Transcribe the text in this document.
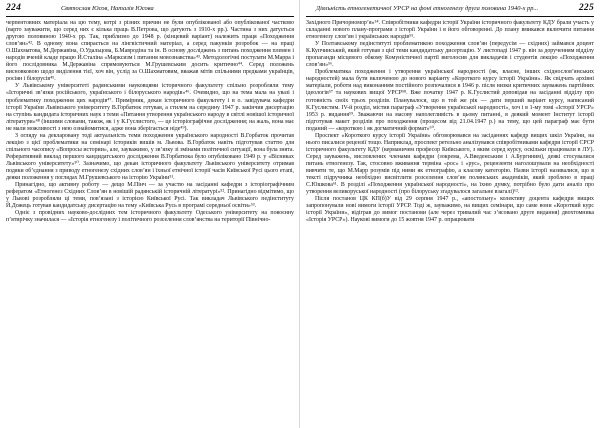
224	Святослав Юсов, Наталія Юсова

черпентовних матеріала на цю тему, котрі з різних причин не були опублікованої або опублікованої частково (варто зауважити, що серед них є кілька праць В.Петрова, що датують з 1910-х рр.). Частина з них датується другою половиною 1940-х рр. Так, приблизно до 1948 р. (кінцевий варіант) належить праця «Походження слов’ян»⁴². В одному вона спирається на лінгвістичний матеріал, а серед пакунків розробок — на праці О.Шахматова, М.Державіна, О.Удальцова, Б.Мавродіна та ін. В основу досліджень з питань походження племен і народів вченій кладе працю Й.Сталіна «Марксизм і питання мовознавства»⁴³. Методологічні постулати М.Марра і його послідовника М.Державіна спрямовуються М.Грушевським досить критично⁴⁴. Серед положень висновковою щодо виділення тієї, хоч він, услід за О.Шахматовим, вважав мітів спільними предками українців, росіян і білорусів⁴⁵.

У Львівському університеті радянськими науковцями історичного факультету спільно розробляли тему «Історичні зв’язки російського, українського і білоруського народів»⁴⁶. Очевидно, що на тема мала на увазі і проблематику походження цих народів⁴⁷. Примірник, декан історичного факультету і в о. завідувача кафедри історії України Львівського університету В.Горбатюк готував, а стилем на середину 1947 р. закінчив дисертацію на ступінь кандидата історичних наук з теми «Питання утворення українського народу в світлі новішої історичної літератури»⁴⁸ (іншими словами, також, як і у К.Гуслистого, — це історіографічне дослідження; на жаль, вона має не мали можливості з нею ознайомитися, адже вона зберігається ніде⁴⁹).

З огляду на декларовану тоді актуальність теми походження українського народності В.Горбаток прочитав лекцію з цієї проблематики на семінарі істориків вишів м. Львова. В.Горбаток навіть підготував статтю для спільного часопису «Вопросы истории», але, зауважимо, у зв’язку зі змінами політичної ситуації, вона була знята. Реферативний виклад першого кандидатського дослідження В.Горбатюка було опубліковано 1949 р. у «Вісниках Львівського університету»⁵⁰. Зазначимо, що декан історичного факультету Львівського університету отримав подяки об’єднання з приводу етногенезу східних слов’ян і їхньої етнічної історії часів Київської Русі цього етапі, деяки положення у поглядах М.Грушевського на історію України⁵¹.

Принагідно, що активну роботу — дещо М.Пінч — за участю на засіданні кафедри з історіографічним рефератом «Етногенез Східних Слов’ян в новішій радянській історичній літературі»⁵². Принагідно відмітимо, що у Львові розробляли ці теми, пов’язані з історією Київської Русі. Так викладач Львівського педінституту Й.Дожець готував кандидатську дисертацію на тему «Київська Русь в програмі середньої освіти»⁵³.

Одніє з провідних науково-дослідних тем історичного факультету Одеського університету на повоєнну п’ятирічку значилася — «Історія етногенезу і політичного розселення слов’янства на території Північно-

Діяльність етногенетичної УРСР на фоні етногенезу друга половина 1940-х рр...	225

Західного Причорномор’я»⁵⁴. Співробітники кафедри історії України історичного факультету КДУ брали участь у складанні нового плану-програми з історії України і в його обговоренні. До плану вмикався включити питання етногенезу слов’ян і українських народів⁵⁵.

У Полтавському педінституті проблематикою походження слов’ян (передусім — східних) займався доцент К.Купчинський, який готував з цієї теми кандидатську дисертацію. У листопаді 1947 р. він за дорученням відділу пропаганди місцевого обкому Комуністичної партії виголосив для викладачів і студентів лекцію «Походження слов’ян»⁵⁶.

Проблематика походження і утворення української народності (як, власне, інших східнослов’янських народностей) мала бути включеною до нового варіанту «Короткого курсу історії України». Як свідчать архівні матеріали, роботи над виконанням постійного розпочалися в 1946 р. після низки критичних зауважень партійних ідеологів⁵⁷ та наукових вищої УРСР⁵⁸. Вже початку 1947 р. К.Гуслистий доповідав на засіданні відділу про готовність своїх трьох розділів. Планувалося, що в той же рік — дати перший варіант курсу, написаний К.Гуслистим. IV-й розділ, містив параграф «Утворення української народності», хоч і в 1-му томі «Історії УРСР» 1953 р. видання⁵⁹. Зважаючи на масову наполегливість в цьому питанні, в деякий момент Інститут історії підготував макет розділів про походження (процесом від 21.04.1947 р.) на тему, що цей параграф має бути поданий — «короткою і як догматичний формат»⁶⁰.

Проспект «Короткого курсу історії України» обговорювався на засіданнях кафедр вищих шкіл України, на нього писалися рецензії тощо. Наприклад, проспект ретельно аналізувався співробітниками кафедри історії СРСР історичного факультету КДУ (керманичем професор Київського, з яким серед курсу, оскільки працювали в ЛУ). Серед зауважень, висловлених членами кафедри (зокрема, А.Введенським і А.Бургиним), деякі стосувалися питань етногенезу. Так, стосовно вживання терміна «рос» і «рус», рецензенти наголошували на необхідності вивчити те, що М.Марр розумів під ними як етнографію, а класову категорію. Назви історії називалися, що в тексті підручника необхідно висвітлити розселення слов’ян полянських академіків, який зроблено в праці С.Юшкова⁶¹. В розділі «Походження української народності», на їхню думку, потрібно було дати аналіз про утворення великоруської народності (про білоруську згадувалося загальне взагалі)⁶².

Після постанов ЦК КП(б)У від 29 серпня 1947 р., «апостольну» колективу доцента кафедри вищих запропонували нові вимоги історії УРСР. Тоді ж, зауважимо, на вищих семінари, що саме вони «Короткий курс історії України», відіграв до вимог постанови (але через тривалий час з’ясовано друге видання) двохтомника «Історія УРСР»). Наукові вимоги до 15 жовтня 1947 р. опрацювати
